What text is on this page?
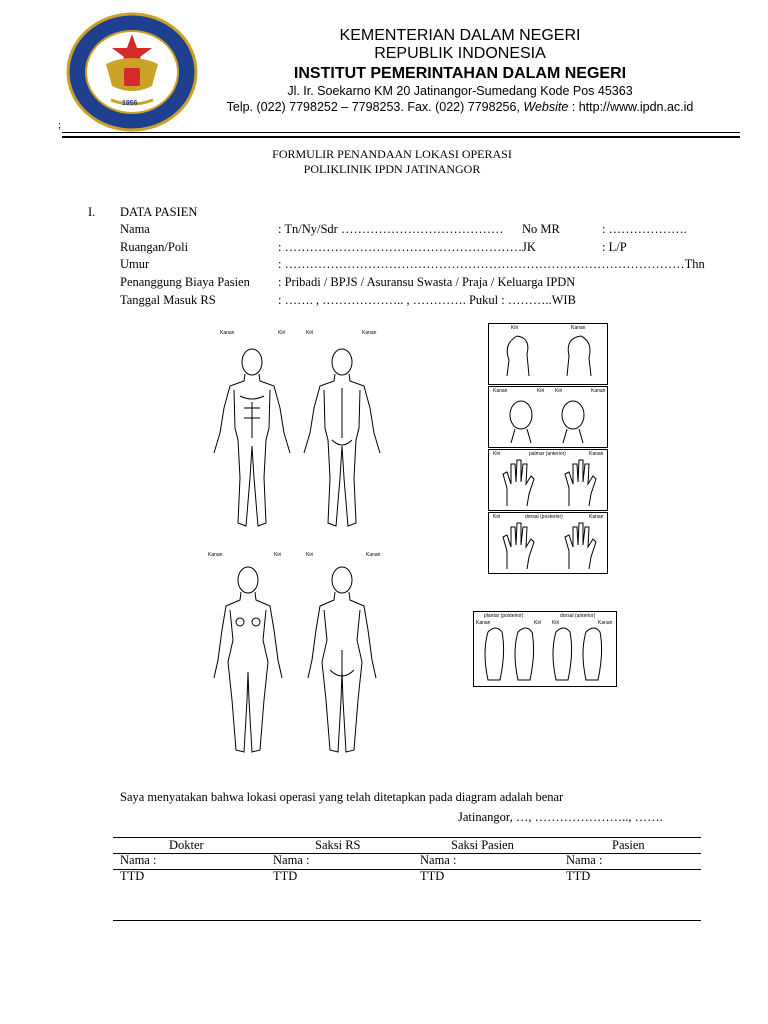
1956
KEMENTERIAN DALAM NEGERI
REPUBLIK INDONESIA
INSTITUT PEMERINTAHAN DALAM NEGERI
Jl. Ir. Soekarno KM 20 Jatinangor-Sumedang Kode Pos 45363
Telp. (022) 7798252 – 7798253. Fax. (022) 7798256, Website : http://www.ipdn.ac.id
;
FORMULIR PENANDAAN LOKASI OPERASI
POLIKLINIK IPDN JATINANGOR
I. DATA PASIEN
Nama	: Tn/Ny/Sdr ………………………………… No MR	: ……………….
Ruangan/Poli	: ………………………………………………… JK	: L/P
Umur	: ……………………………………………………………………………………Thn
Penanggung Biaya Pasien : Pribadi / BPJS / Asuransu Swasta / Praja / Keluarga IPDN
Tanggal Masuk RS	: ……. , ……………….. , …………. Pukul : ………..WIB
Kanan	Kiri	Kiri	Kanan
Kanan	Kiri	Kiri	Kanan
Kiri	Kanan
Kanan	Kiri Kiri	Kanan
Kiri	palmar (anterior)	Kanan
Kiri	dorsal (posterior)	Kanan
plantar (posterior)	dorsal (anterior)
Kanan	Kiri Kiri	Kanan
Saya menyatakan bahwa lokasi operasi yang telah ditetapkan pada diagram adalah benar
Jatinangor, …, ………………….., …….
Dokter	Saksi RS	Saksi Pasien	Pasien
Nama :	Nama :	Nama :	Nama :
TTD	TTD	TTD	TTD
